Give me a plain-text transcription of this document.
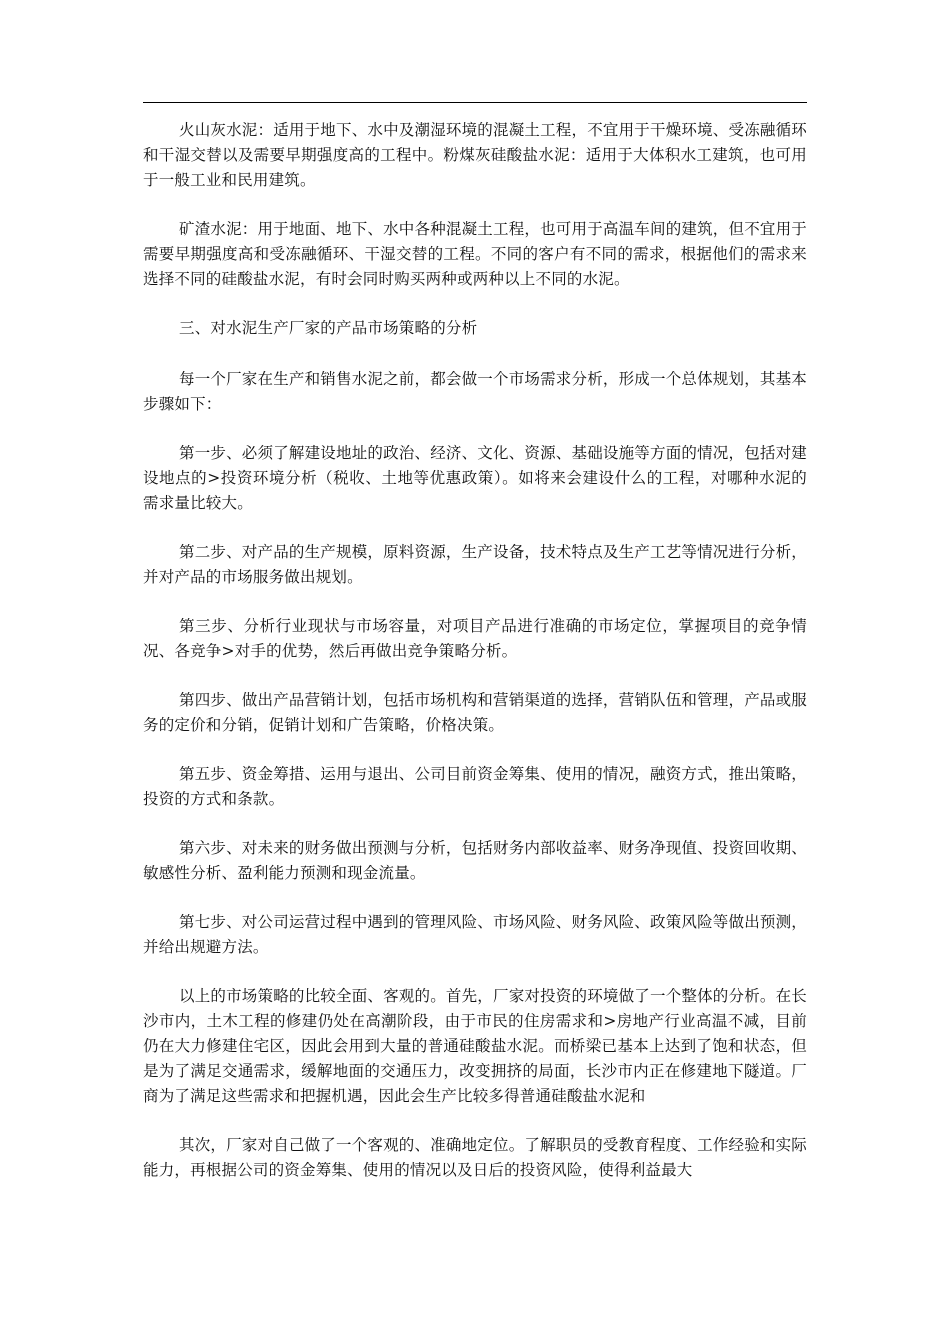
火山灰水泥：适用于地下、水中及潮湿环境的混凝土工程，不宜用于干燥环境、受冻融循环和干湿交替以及需要早期强度高的工程中。粉煤灰硅酸盐水泥：适用于大体积水工建筑，也可用于一般工业和民用建筑。

矿渣水泥：用于地面、地下、水中各种混凝土工程，也可用于高温车间的建筑，但不宜用于需要早期强度高和受冻融循环、干湿交替的工程。不同的客户有不同的需求，根据他们的需求来选择不同的硅酸盐水泥，有时会同时购买两种或两种以上不同的水泥。

三、对水泥生产厂家的产品市场策略的分析

每一个厂家在生产和销售水泥之前，都会做一个市场需求分析，形成一个总体规划，其基本步骤如下：

第一步、必须了解建设地址的政治、经济、文化、资源、基础设施等方面的情况，包括对建设地点的>投资环境分析（税收、土地等优惠政策）。如将来会建设什么的工程，对哪种水泥的需求量比较大。

第二步、对产品的生产规模，原料资源，生产设备，技术特点及生产工艺等情况进行分析，并对产品的市场服务做出规划。

第三步、分析行业现状与市场容量，对项目产品进行准确的市场定位，掌握项目的竞争情况、各竞争>对手的优势，然后再做出竞争策略分析。

第四步、做出产品营销计划，包括市场机构和营销渠道的选择，营销队伍和管理，产品或服务的定价和分销，促销计划和广告策略，价格决策。

第五步、资金筹措、运用与退出、公司目前资金筹集、使用的情况，融资方式，推出策略，投资的方式和条款。

第六步、对未来的财务做出预测与分析，包括财务内部收益率、财务净现值、投资回收期、敏感性分析、盈利能力预测和现金流量。

第七步、对公司运营过程中遇到的管理风险、市场风险、财务风险、政策风险等做出预测，并给出规避方法。

以上的市场策略的比较全面、客观的。首先，厂家对投资的环境做了一个整体的分析。在长沙市内，土木工程的修建仍处在高潮阶段，由于市民的住房需求和>房地产行业高温不减，目前仍在大力修建住宅区，因此会用到大量的普通硅酸盐水泥。而桥梁已基本上达到了饱和状态，但是为了满足交通需求，缓解地面的交通压力，改变拥挤的局面，长沙市内正在修建地下隧道。厂商为了满足这些需求和把握机遇，因此会生产比较多得普通硅酸盐水泥和

其次，厂家对自己做了一个客观的、准确地定位。了解职员的受教育程度、工作经验和实际能力，再根据公司的资金筹集、使用的情况以及日后的投资风险，使得利益最大
